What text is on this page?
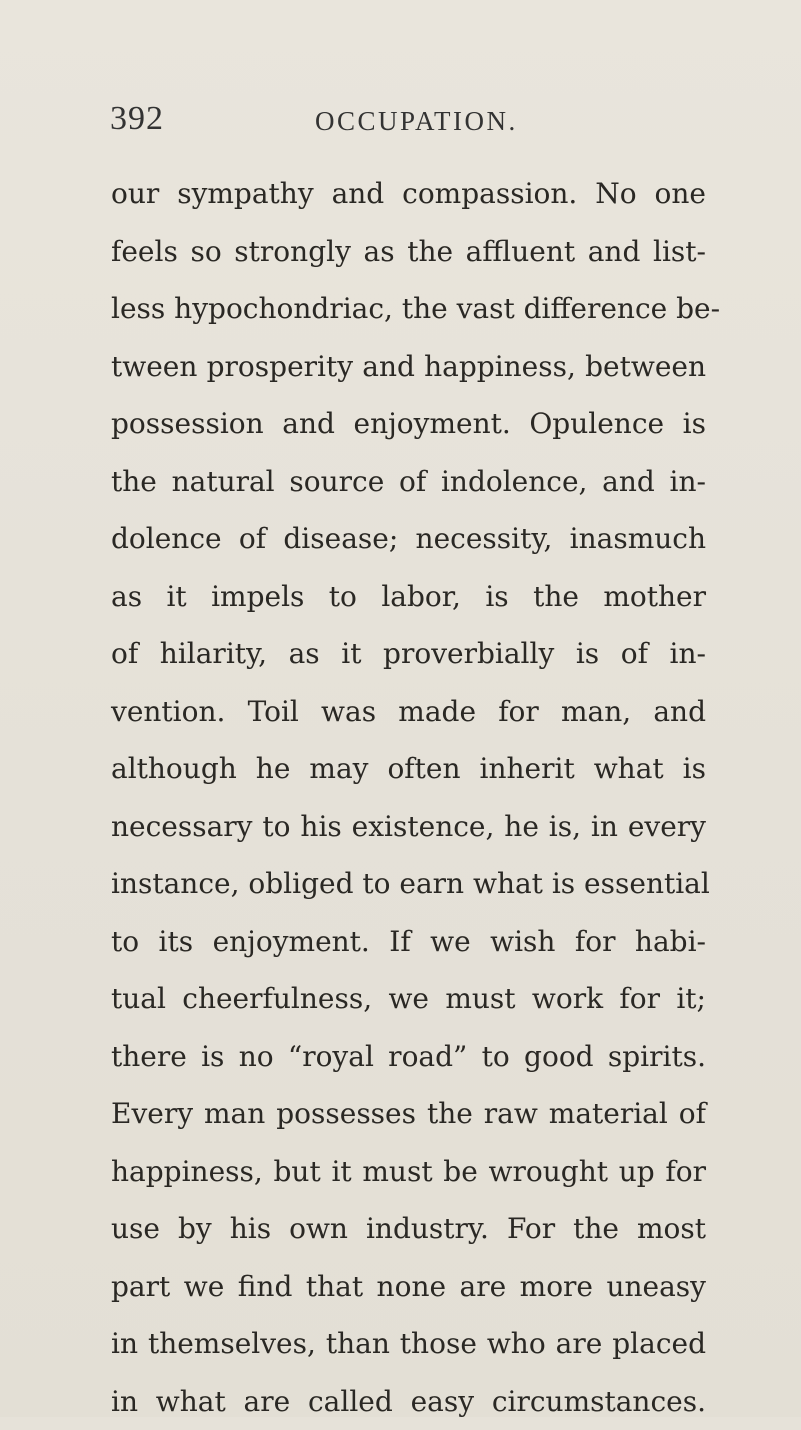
392	OCCUPATION.
our sympathy and compassion. No one
feels so strongly as the affluent and list-
less hypochondriac, the vast difference be-
tween prosperity and happiness, between
possession and enjoyment. Opulence is
the natural source of indolence, and in-
dolence of disease; necessity, inasmuch
as it impels to labor, is the mother
of hilarity, as it proverbially is of in-
vention. Toil was made for man, and
although he may often inherit what is
necessary to his existence, he is, in every
instance, obliged to earn what is essential
to its enjoyment. If we wish for habi-
tual cheerfulness, we must work for it;
there is no “royal road” to good spirits.
Every man possesses the raw material of
happiness, but it must be wrought up for
use by his own industry. For the most
part we find that none are more uneasy
in themselves, than those who are placed
in what are called easy circumstances.
